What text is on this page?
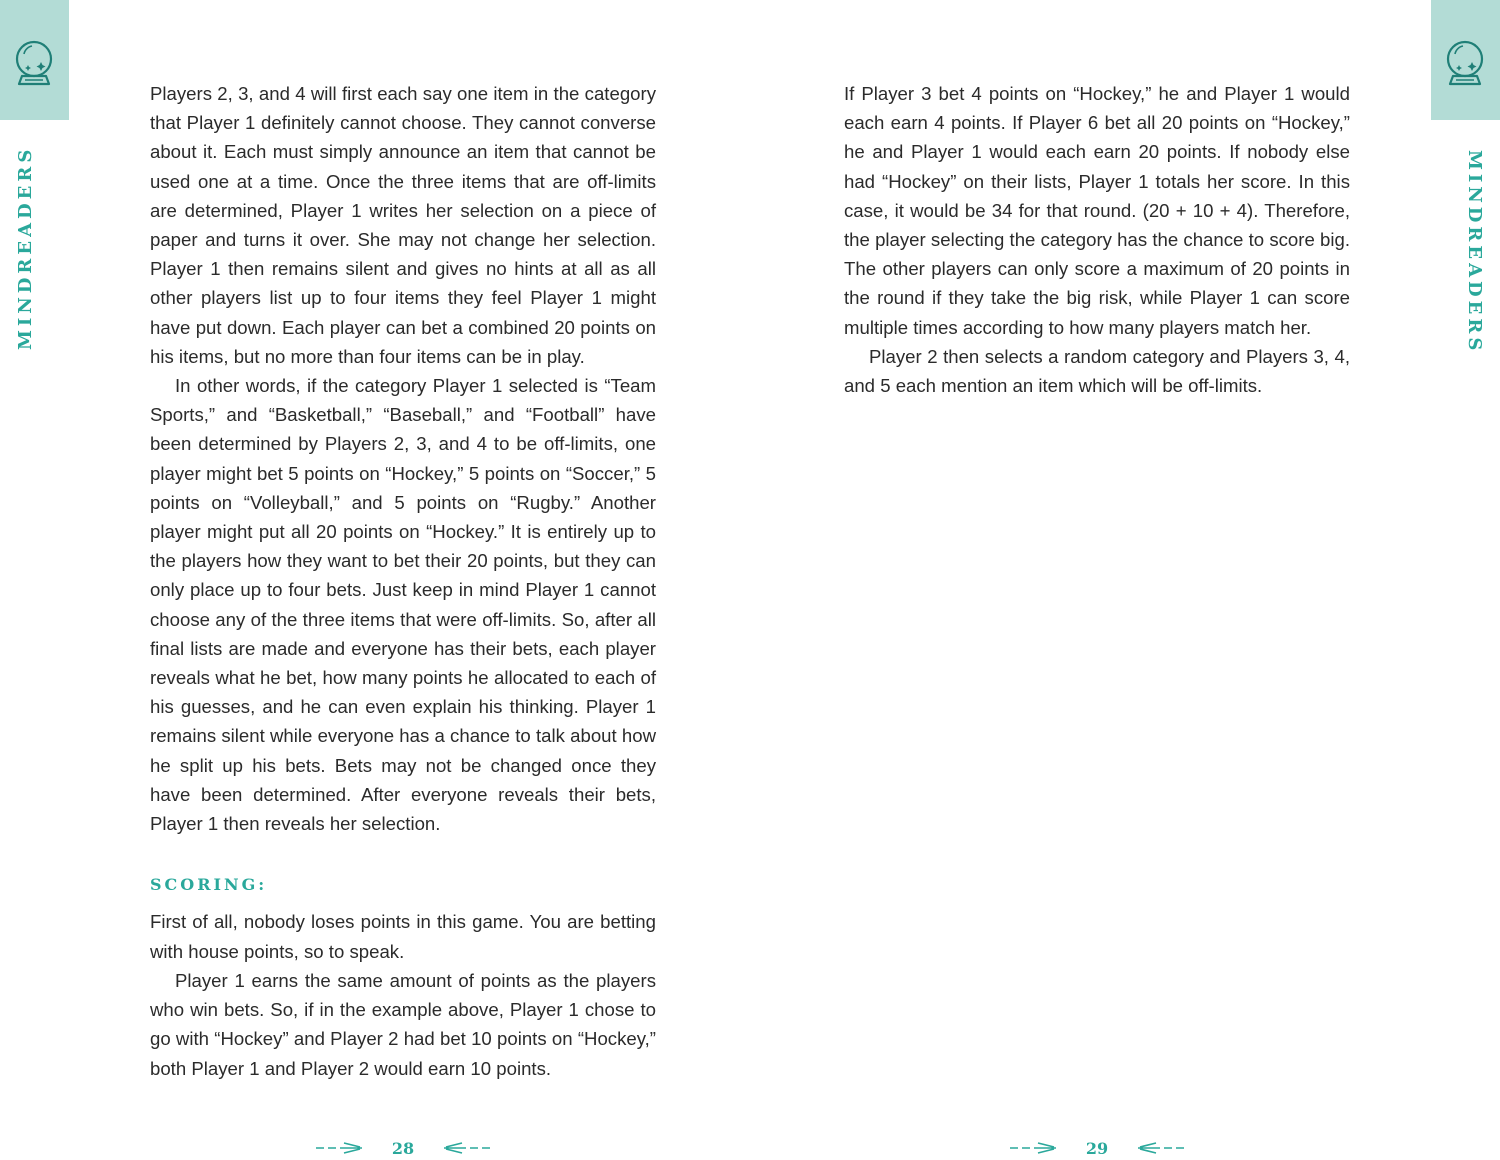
MINDREADERS

Players 2, 3, and 4 will first each say one item in the category that Player 1 definitely cannot choose. They cannot converse about it. Each must simply announce an item that cannot be used one at a time. Once the three items that are off-limits are determined, Player 1 writes her selection on a piece of paper and turns it over. She may not change her selection. Player 1 then remains silent and gives no hints at all as all other players list up to four items they feel Player 1 might have put down. Each player can bet a combined 20 points on his items, but no more than four items can be in play.

In other words, if the category Player 1 selected is “Team Sports,” and “Basketball,” “Baseball,” and “Football” have been determined by Players 2, 3, and 4 to be off-limits, one player might bet 5 points on “Hockey,” 5 points on “Soccer,” 5 points on “Volleyball,” and 5 points on “Rugby.” Another player might put all 20 points on “Hockey.” It is entirely up to the players how they want to bet their 20 points, but they can only place up to four bets. Just keep in mind Player 1 cannot choose any of the three items that were off-limits. So, after all final lists are made and everyone has their bets, each player reveals what he bet, how many points he allocated to each of his guesses, and he can even explain his thinking. Player 1 remains silent while everyone has a chance to talk about how he split up his bets. Bets may not be changed once they have been determined. After everyone reveals their bets, Player 1 then reveals her selection.

SCORING:

First of all, nobody loses points in this game. You are betting with house points, so to speak.

Player 1 earns the same amount of points as the players who win bets. So, if in the example above, Player 1 chose to go with “Hockey” and Player 2 had bet 10 points on “Hockey,” both Player 1 and Player 2 would earn 10 points.

28
MINDREADERS

If Player 3 bet 4 points on “Hockey,” he and Player 1 would each earn 4 points. If Player 6 bet all 20 points on “Hockey,” he and Player 1 would each earn 20 points. If nobody else had “Hockey” on their lists, Player 1 totals her score. In this case, it would be 34 for that round. (20 + 10 + 4). Therefore, the player selecting the category has the chance to score big. The other players can only score a maximum of 20 points in the round if they take the big risk, while Player 1 can score multiple times according to how many players match her.

Player 2 then selects a random category and Players 3, 4, and 5 each mention an item which will be off-limits.

29
